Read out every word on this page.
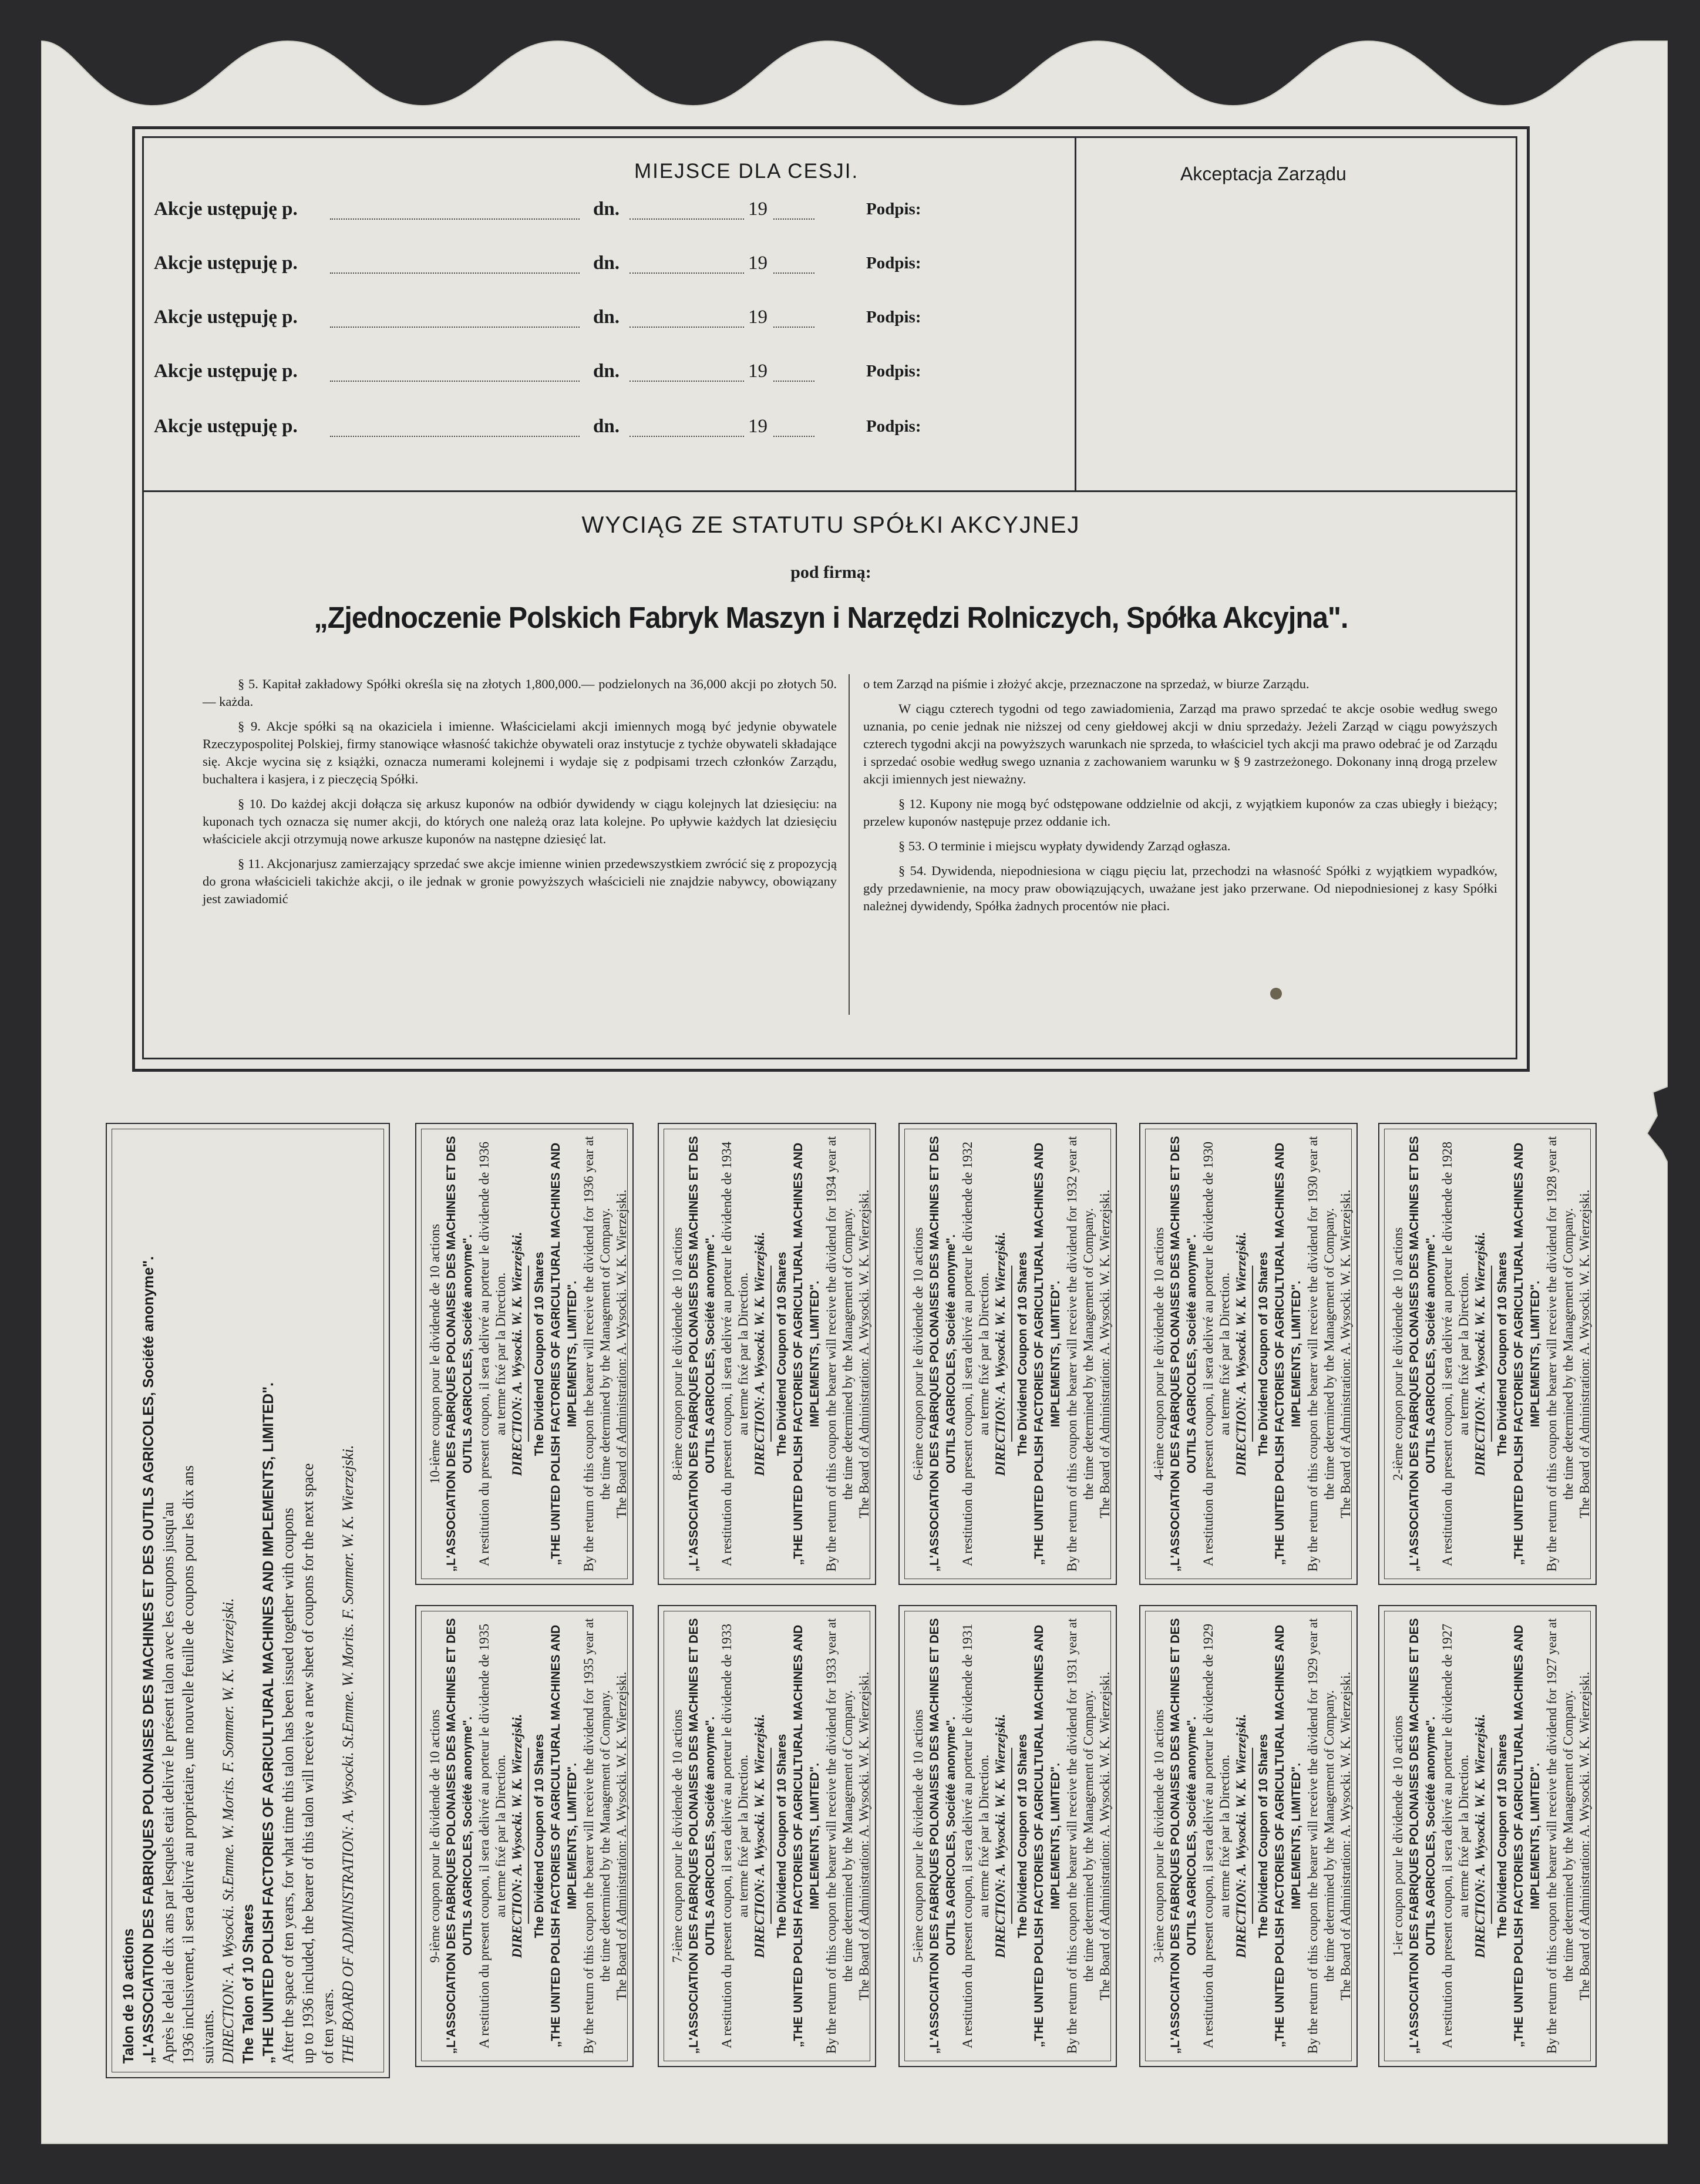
MIEJSCE DLA CESJI.	Akceptacja Zarządu
Akcje ustępuję p.	dn.	19	Podpis:
Akcje ustępuję p.	dn.	19	Podpis:
Akcje ustępuję p.	dn.	19	Podpis:
Akcje ustępuję p.	dn.	19	Podpis:
Akcje ustępuję p.	dn.	19	Podpis:
WYCIĄG ZE STATUTU SPÓŁKI AKCYJNEJ
pod firmą:
„Zjednoczenie Polskich Fabryk Maszyn i Narzędzi Rolniczych, Spółka Akcyjna".

§ 5. Kapitał zakładowy Spółki określa się na złotych 1,800,000.— podzielonych na 36,000 akcji po złotych 50.— każda.

§ 9. Akcje spółki są na okaziciela i imienne. Właścicielami akcji imiennych mogą być jedynie obywatele Rzeczypospolitej Polskiej, firmy stanowiące własność takichże obywateli oraz instytucje z tychże obywateli składające się. Akcje wycina się z książki, oznacza numerami kolejnemi i wydaje się z podpisami trzech członków Zarządu, buchaltera i kasjera, i z pieczęcią Spółki.

§ 10. Do każdej akcji dołącza się arkusz kuponów na odbiór dywidendy w ciągu kolejnych lat dziesięciu: na kuponach tych oznacza się numer akcji, do których one należą oraz lata kolejne. Po upływie każdych lat dziesięciu właściciele akcji otrzymują nowe arkusze kuponów na następne dziesięć lat.

§ 11. Akcjonarjusz zamierzający sprzedać swe akcje imienne winien przedewszystkiem zwrócić się z propozycją do grona właścicieli takichże akcji, o ile jednak w gronie powyższych właścicieli nie znajdzie nabywcy, obowiązany jest zawiadomić

o tem Zarząd na piśmie i złożyć akcje, przeznaczone na sprzedaż, w biurze Zarządu.

W ciągu czterech tygodni od tego zawiadomienia, Zarząd ma prawo sprzedać te akcje osobie według swego uznania, po cenie jednak nie niższej od ceny giełdowej akcji w dniu sprzedaży. Jeżeli Zarząd w ciągu powyższych czterech tygodni akcji na powyższych warunkach nie sprzeda, to właściciel tych akcji ma prawo odebrać je od Zarządu i sprzedać osobie według swego uznania z zachowaniem warunku w § 9 zastrzeżonego. Dokonany inną drogą przelew akcji imiennych jest nieważny.

§ 12. Kupony nie mogą być odstępowane oddzielnie od akcji, z wyjątkiem kuponów za czas ubiegły i bieżący; przelew kuponów następuje przez oddanie ich.

§ 53. O terminie i miejscu wypłaty dywidendy Zarząd ogłasza.

§ 54. Dywidenda, niepodniesiona w ciągu pięciu lat, przechodzi na własność Spółki z wyjątkiem wypadków, gdy przedawnienie, na mocy praw obowiązujących, uważane jest jako przerwane. Od niepodniesionej z kasy Spółki należnej dywidendy, Spółka żadnych procentów nie płaci.

Talon de 10 actions „L'ASSOCIATION DES FABRIQUES POLONAISES DES MACHINES ET DES OUTILS AGRICOLES, Société anonyme". Après le delai de dix ans par lesquels etait delivré le présent talon avec les coupons jusqu'au 1936 inclusivemet, il sera delivré au proprietaire, une nouvelle feuille de coupons pour les dix ans suivants. DIRECTION: A. Wysocki. St.Emme. W. Morits. F. Sommer. W. K. Wierzejski. The Talon of 10 Shares „THE UNITED POLISH FACTORIES OF AGRICULTURAL MACHINES AND IMPLEMENTS, LIMITED". After the space of ten years, for what time this talon has been issued together with coupons up to 1936 included, the bearer of this talon will receive a new sheet of coupons for the next space of ten years. THE BOARD OF ADMINISTRATION: A. Wysocki. St.Emme. W. Morits. F. Sommer. W. K. Wierzejski.
10-ième coupon pour le dividende de 10 actions „L'ASSOCIATION DES FABRIQUES POLONAISES DES MACHINES ET DES OUTILS AGRICOLES, Société anonyme". A restitution du present coupon, il sera delivré au porteur le dividende de 1936 au terme fixé par la Direction. DIRECTION: A. Wysocki. W. K. Wierzejski. The Dividend Coupon of 10 Shares „THE UNITED POLISH FACTORIES OF AGRICULTURAL MACHINES AND IMPLEMENTS, LIMITED". By the return of this coupon the bearer will receive the dividend for 1936 year at the time determined by the Management of Company. The Board of Administration: A. Wysocki. W. K. Wierzejski.
9-ième coupon pour le dividende de 10 actions „L'ASSOCIATION DES FABRIQUES POLONAISES DES MACHINES ET DES OUTILS AGRICOLES, Société anonyme". A restitution du present coupon, il sera delivré au porteur le dividende de 1935 au terme fixé par la Direction. DIRECTION: A. Wysocki. W. K. Wierzejski. The Dividend Coupon of 10 Shares „THE UNITED POLISH FACTORIES OF AGRICULTURAL MACHINES AND IMPLEMENTS, LIMITED". By the return of this coupon the bearer will receive the dividend for 1935 year at the time determined by the Management of Company. The Board of Administration: A. Wysocki. W. K. Wierzejski.
8-ième coupon pour le dividende de 10 actions „L'ASSOCIATION DES FABRIQUES POLONAISES DES MACHINES ET DES OUTILS AGRICOLES, Société anonyme". A restitution du present coupon, il sera delivré au porteur le dividende de 1934 au terme fixé par la Direction. DIRECTION: A. Wysocki. W. K. Wierzejski. The Dividend Coupon of 10 Shares „THE UNITED POLISH FACTORIES OF AGRICULTURAL MACHINES AND IMPLEMENTS, LIMITED". By the return of this coupon the bearer will receive the dividend for 1934 year at the time determined by the Management of Company. The Board of Administration: A. Wysocki. W. K. Wierzejski.
7-ième coupon pour le dividende de 10 actions „L'ASSOCIATION DES FABRIQUES POLONAISES DES MACHINES ET DES OUTILS AGRICOLES, Société anonyme". A restitution du present coupon, il sera delivré au porteur le dividende de 1933 au terme fixé par la Direction. DIRECTION: A. Wysocki. W. K. Wierzejski. The Dividend Coupon of 10 Shares „THE UNITED POLISH FACTORIES OF AGRICULTURAL MACHINES AND IMPLEMENTS, LIMITED". By the return of this coupon the bearer will receive the dividend for 1933 year at the time determined by the Management of Company. The Board of Administration: A. Wysocki. W. K. Wierzejski.
6-ième coupon pour le dividende de 10 actions „L'ASSOCIATION DES FABRIQUES POLONAISES DES MACHINES ET DES OUTILS AGRICOLES, Société anonyme". A restitution du present coupon, il sera delivré au porteur le dividende de 1932 au terme fixé par la Direction. DIRECTION: A. Wysocki. W. K. Wierzejski. The Dividend Coupon of 10 Shares „THE UNITED POLISH FACTORIES OF AGRICULTURAL MACHINES AND IMPLEMENTS, LIMITED". By the return of this coupon the bearer will receive the dividend for 1932 year at the time determined by the Management of Company. The Board of Administration: A. Wysocki. W. K. Wierzejski.
5-ième coupon pour le dividende de 10 actions „L'ASSOCIATION DES FABRIQUES POLONAISES DES MACHINES ET DES OUTILS AGRICOLES, Société anonyme". A restitution du present coupon, il sera delivré au porteur le dividende de 1931 au terme fixé par la Direction. DIRECTION: A. Wysocki. W. K. Wierzejski. The Dividend Coupon of 10 Shares „THE UNITED POLISH FACTORIES OF AGRICULTURAL MACHINES AND IMPLEMENTS, LIMITED". By the return of this coupon the bearer will receive the dividend for 1931 year at the time determined by the Management of Company. The Board of Administration: A. Wysocki. W. K. Wierzejski.
4-ième coupon pour le dividende de 10 actions „L'ASSOCIATION DES FABRIQUES POLONAISES DES MACHINES ET DES OUTILS AGRICOLES, Société anonyme". A restitution du present coupon, il sera delivré au porteur le dividende de 1930 au terme fixé par la Direction. DIRECTION: A. Wysocki. W. K. Wierzejski. The Dividend Coupon of 10 Shares „THE UNITED POLISH FACTORIES OF AGRICULTURAL MACHINES AND IMPLEMENTS, LIMITED". By the return of this coupon the bearer will receive the dividend for 1930 year at the time determined by the Management of Company. The Board of Administration: A. Wysocki. W. K. Wierzejski.
3-ième coupon pour le dividende de 10 actions „L'ASSOCIATION DES FABRIQUES POLONAISES DES MACHINES ET DES OUTILS AGRICOLES, Société anonyme". A restitution du present coupon, il sera delivré au porteur le dividende de 1929 au terme fixé par la Direction. DIRECTION: A. Wysocki. W. K. Wierzejski. The Dividend Coupon of 10 Shares „THE UNITED POLISH FACTORIES OF AGRICULTURAL MACHINES AND IMPLEMENTS, LIMITED". By the return of this coupon the bearer will receive the dividend for 1929 year at the time determined by the Management of Company. The Board of Administration: A. Wysocki. W. K. Wierzejski.
2-ième coupon pour le dividende de 10 actions „L'ASSOCIATION DES FABRIQUES POLONAISES DES MACHINES ET DES OUTILS AGRICOLES, Société anonyme". A restitution du present coupon, il sera delivré au porteur le dividende de 1928 au terme fixé par la Direction. DIRECTION: A. Wysocki. W. K. Wierzejski. The Dividend Coupon of 10 Shares „THE UNITED POLISH FACTORIES OF AGRICULTURAL MACHINES AND IMPLEMENTS, LIMITED". By the return of this coupon the bearer will receive the dividend for 1928 year at the time determined by the Management of Company. The Board of Administration: A. Wysocki. W. K. Wierzejski.
1-ier coupon pour le dividende de 10 actions „L'ASSOCIATION DES FABRIQUES POLONAISES DES MACHINES ET DES OUTILS AGRICOLES, Société anonyme". A restitution du present coupon, il sera delivré au porteur le dividende de 1927 au terme fixé par la Direction. DIRECTION: A. Wysocki. W. K. Wierzejski. The Dividend Coupon of 10 Shares „THE UNITED POLISH FACTORIES OF AGRICULTURAL MACHINES AND IMPLEMENTS, LIMITED". By the return of this coupon the bearer will receive the dividend for 1927 year at the time determined by the Management of Company. The Board of Administration: A. Wysocki. W. K. Wierzejski.
